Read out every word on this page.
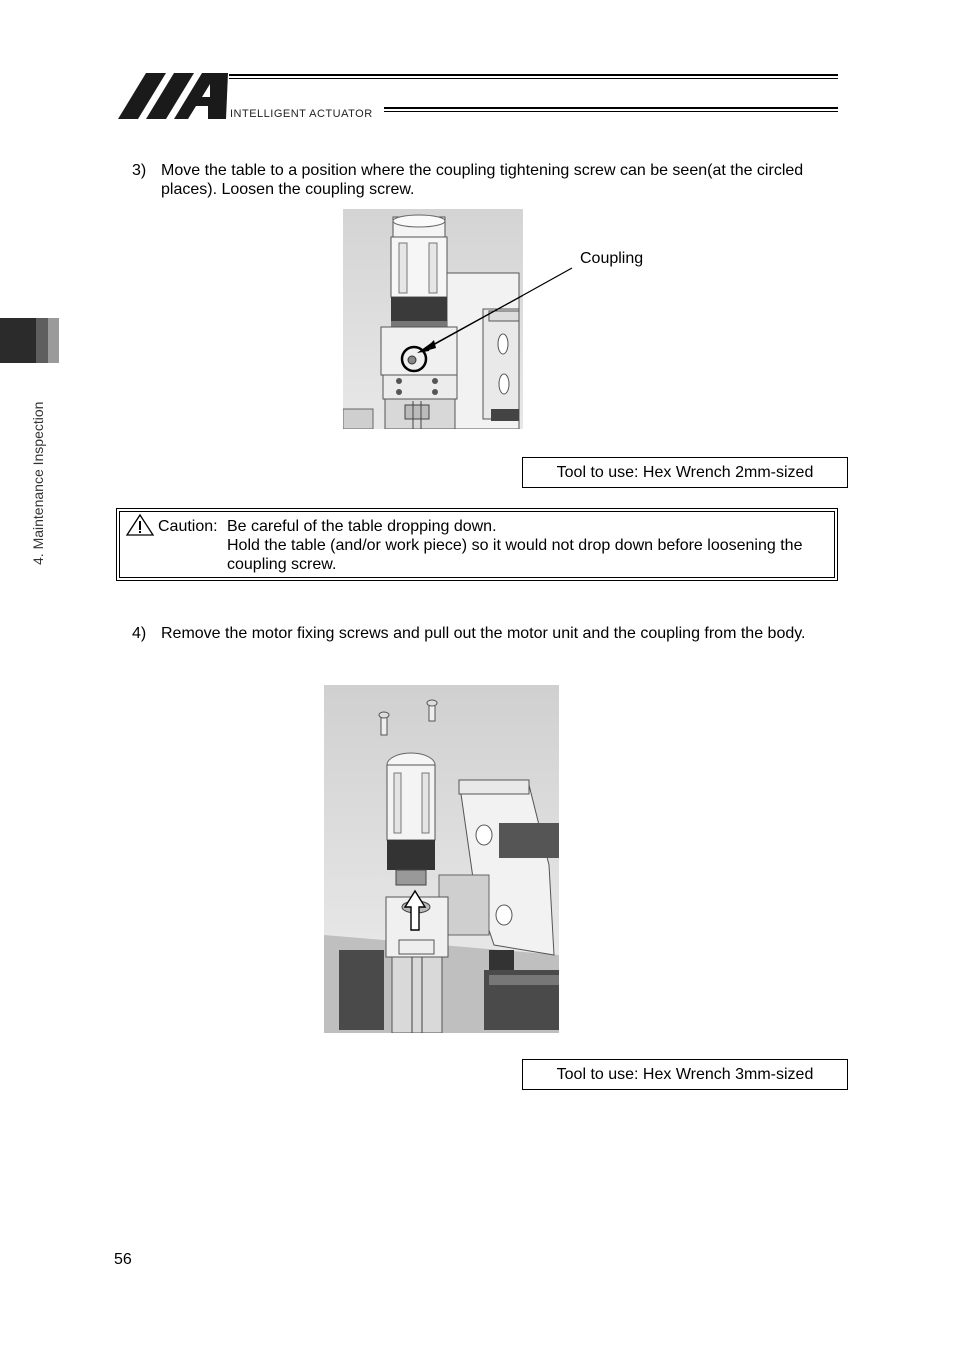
INTELLIGENT ACTUATOR
4. Maintenance Inspection
3) Move the table to a position where the coupling tightening screw can be seen(at the circled
places). Loosen the coupling screw.
Coupling
Tool to use: Hex Wrench 2mm-sized
Caution: Be careful of the table dropping down.
Hold the table (and/or work piece) so it would not drop down before loosening the
coupling screw.
4) Remove the motor fixing screws and pull out the motor unit and the coupling from the body.
Tool to use: Hex Wrench 3mm-sized
56
